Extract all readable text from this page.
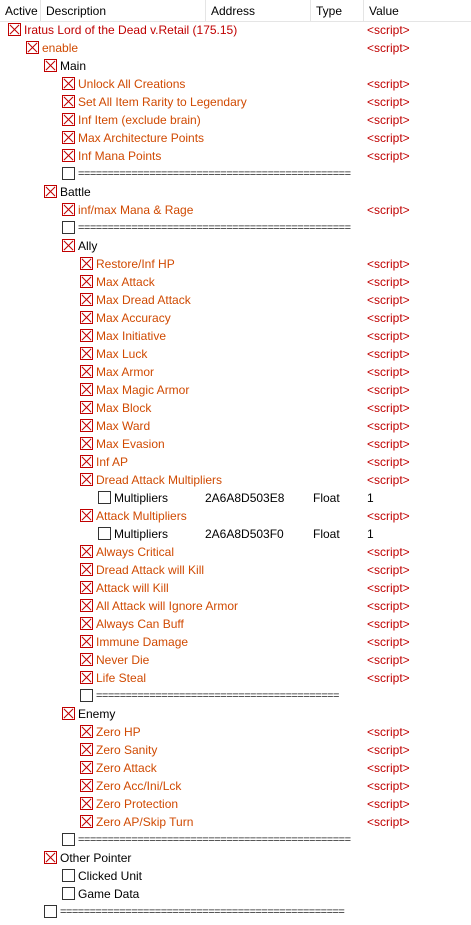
Active Description	Address	Type	Value
Iratus Lord of the Dead v.Retail (175.15)	<script>
enable	<script>
Main
Unlock All Creations	<script>
Set All Item Rarity to Legendary	<script>
Inf Item (exclude brain)	<script>
Max Architecture Points	<script>
Inf Mana Points	<script>
==============================================
Battle
inf/max Mana & Rage	<script>
==============================================
Ally
Restore/Inf HP	<script>
Max Attack	<script>
Max Dread Attack	<script>
Max Accuracy	<script>
Max Initiative	<script>
Max Luck	<script>
Max Armor	<script>
Max Magic Armor	<script>
Max Block	<script>
Max Ward	<script>
Max Evasion	<script>
Inf AP	<script>
Dread Attack Multipliers	<script>
Multipliers	2A6A8D503E8 Float 1
Attack Multipliers	<script>
Multipliers	2A6A8D503F0 Float 1
Always Critical	<script>
Dread Attack will Kill	<script>
Attack will Kill	<script>
All Attack will Ignore Armor	<script>
Always Can Buff	<script>
Immune Damage	<script>
Never Die	<script>
Life Steal	<script>
=========================================
Enemy
Zero HP	<script>
Zero Sanity	<script>
Zero Attack	<script>
Zero Acc/Ini/Lck	<script>
Zero Protection	<script>
Zero AP/Skip Turn	<script>
==============================================
Other Pointer
Clicked Unit
Game Data
================================================
